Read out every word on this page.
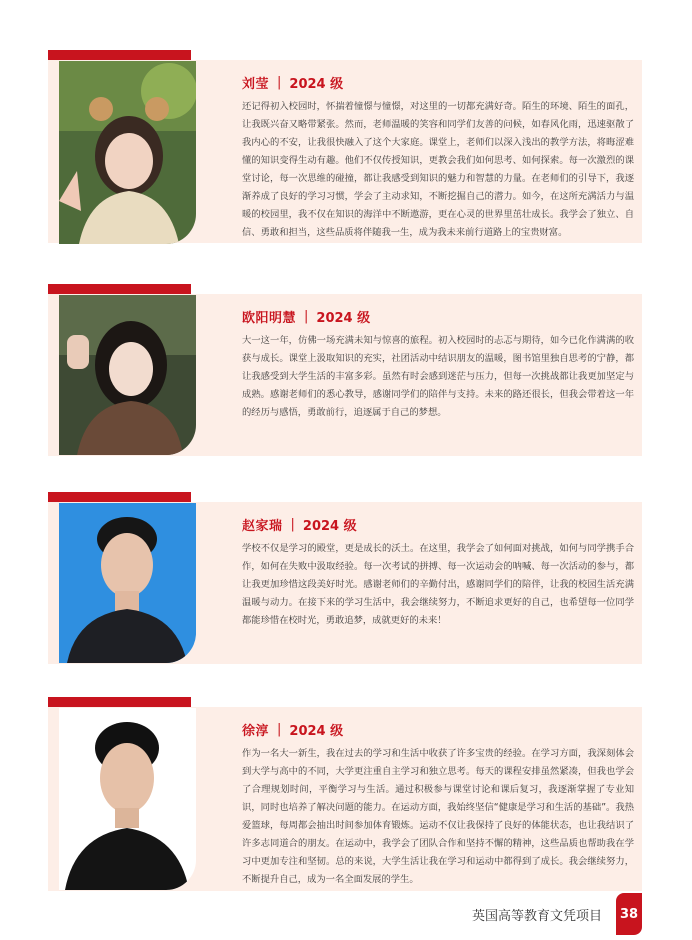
刘莹 | 2024 级

还记得初入校园时，怀揣着憧憬与憧憬，对这里的一切都充满好奇。陌生的环境、陌生的面孔，让我既兴奋又略带紧张。然而，老师温暖的笑容和同学们友善的问候，如春风化雨，迅速驱散了我内心的不安，让我很快融入了这个大家庭。课堂上，老师们以深入浅出的教学方法，将晦涩难懂的知识变得生动有趣。他们不仅传授知识，更教会我们如何思考、如何探索。每一次激烈的课堂讨论，每一次思维的碰撞，都让我感受到知识的魅力和智慧的力量。在老师们的引导下，我逐渐养成了良好的学习习惯，学会了主动求知，不断挖掘自己的潜力。如今，在这所充满活力与温暖的校园里，我不仅在知识的海洋中不断遨游，更在心灵的世界里茁壮成长。我学会了独立、自信、勇敢和担当，这些品质将伴随我一生，成为我未来前行道路上的宝贵财富。

欧阳明慧 | 2024 级

大一这一年，仿佛一场充满未知与惊喜的旅程。初入校园时的忐忑与期待，如今已化作满满的收获与成长。课堂上汲取知识的充实，社团活动中结识朋友的温暖，图书馆里独自思考的宁静，都让我感受到大学生活的丰富多彩。虽然有时会感到迷茫与压力，但每一次挑战都让我更加坚定与成熟。感谢老师们的悉心教导，感谢同学们的陪伴与支持。未来的路还很长，但我会带着这一年的经历与感悟，勇敢前行，追逐属于自己的梦想。

赵家瑞 | 2024 级

学校不仅是学习的殿堂，更是成长的沃土。在这里，我学会了如何面对挑战，如何与同学携手合作，如何在失败中汲取经验。每一次考试的拼搏、每一次运动会的呐喊、每一次活动的参与，都让我更加珍惜这段美好时光。感谢老师们的辛勤付出，感谢同学们的陪伴，让我的校园生活充满温暖与动力。在接下来的学习生活中，我会继续努力，不断追求更好的自己，也希望每一位同学都能珍惜在校时光，勇敢追梦，成就更好的未来！

徐淳 | 2024 级

作为一名大一新生，我在过去的学习和生活中收获了许多宝贵的经验。在学习方面，我深刻体会到大学与高中的不同，大学更注重自主学习和独立思考。每天的课程安排虽然紧凑，但我也学会了合理规划时间，平衡学习与生活。通过积极参与课堂讨论和课后复习，我逐渐掌握了专业知识，同时也培养了解决问题的能力。在运动方面，我始终坚信“健康是学习和生活的基础”。我热爱篮球，每周都会抽出时间参加体育锻炼。运动不仅让我保持了良好的体能状态，也让我结识了许多志同道合的朋友。在运动中，我学会了团队合作和坚持不懈的精神，这些品质也帮助我在学习中更加专注和坚韧。总的来说，大学生活让我在学习和运动中都得到了成长。我会继续努力，不断提升自己，成为一名全面发展的学生。

英国高等教育文凭项目	38
